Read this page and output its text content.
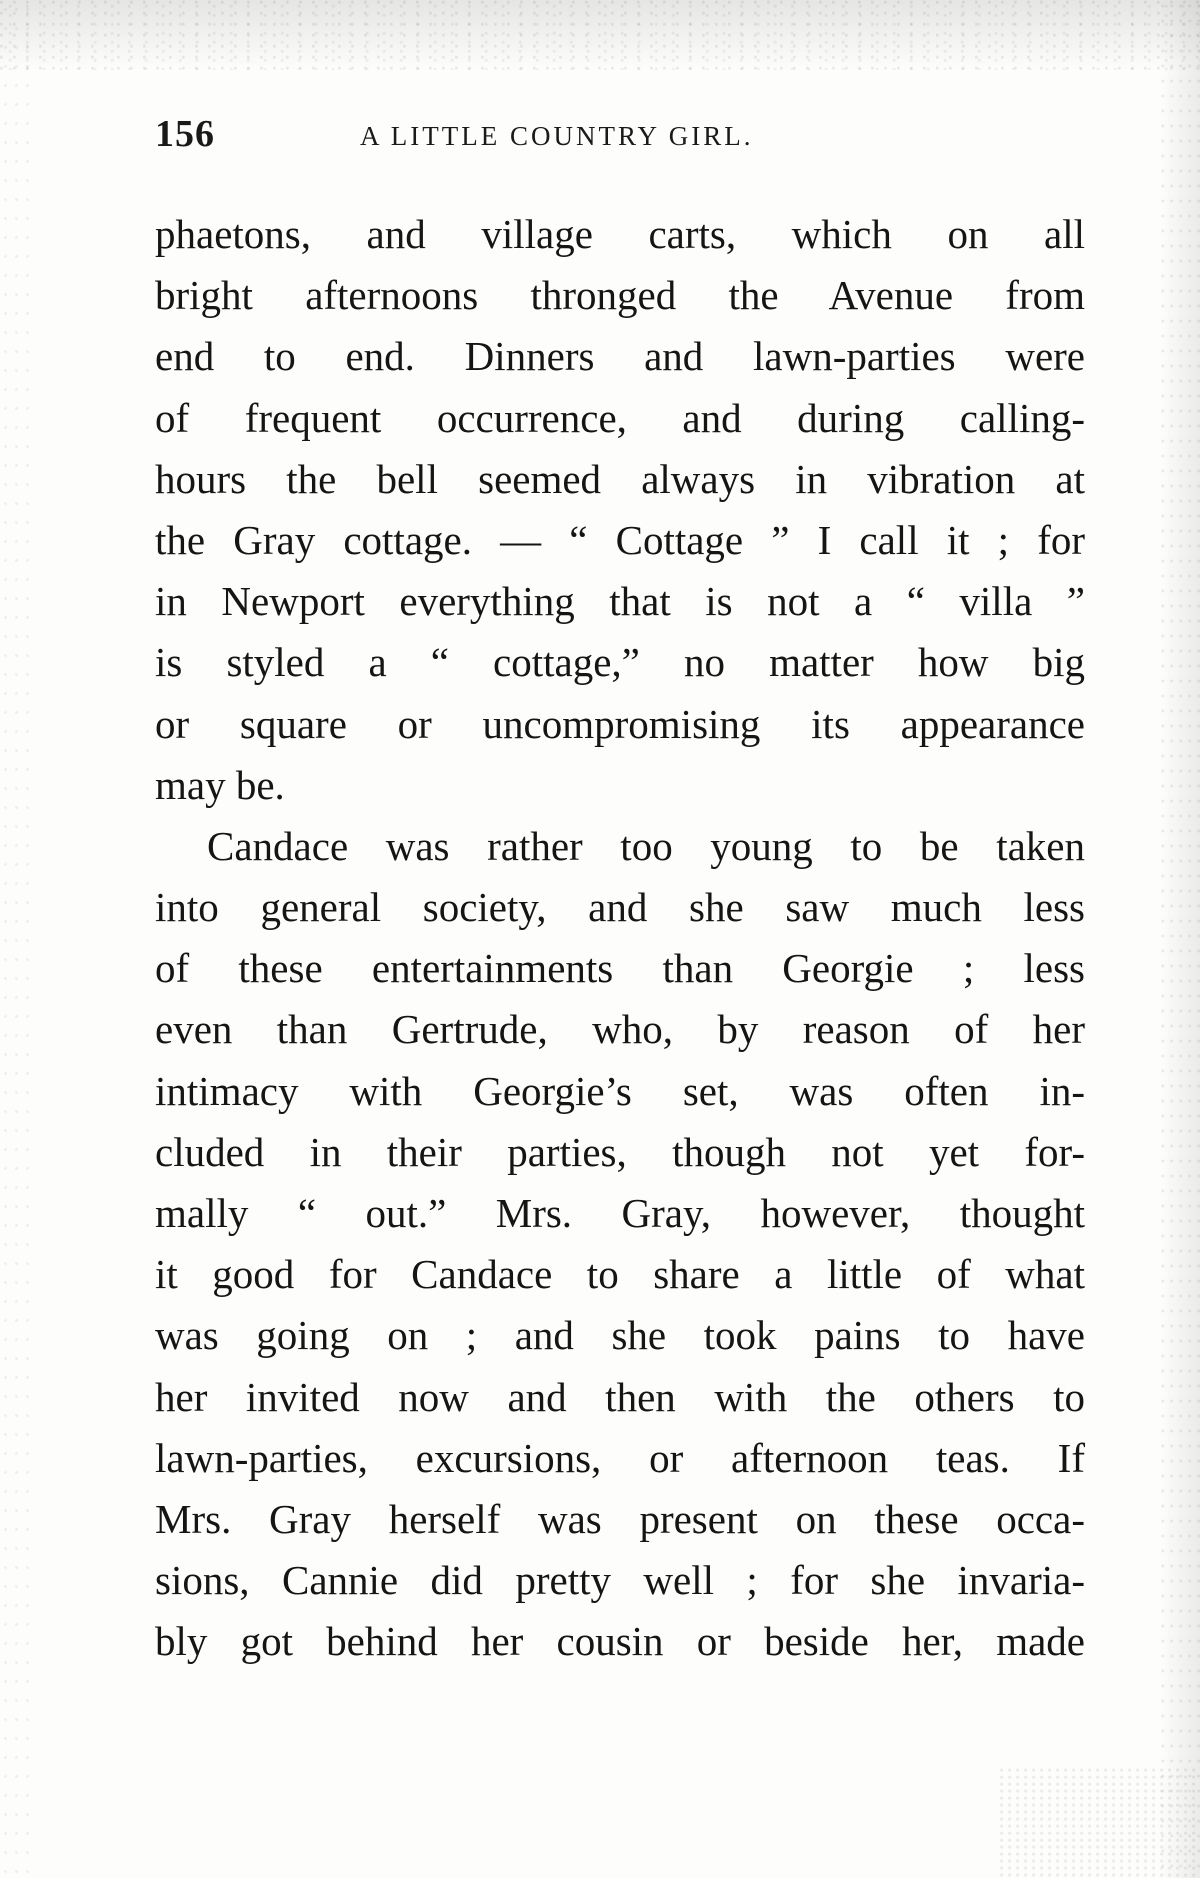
156	A LITTLE COUNTRY GIRL.
phaetons, and village carts, which on all
bright afternoons thronged the Avenue from
end to end. Dinners and lawn-parties were
of frequent occurrence, and during calling-
hours the bell seemed always in vibration at
the Gray cottage. — “ Cottage ” I call it ; for
in Newport everything that is not a “ villa ”
is styled a “ cottage,” no matter how big
or square or uncompromising its appearance
may be.
Candace was rather too young to be taken
into general society, and she saw much less
of these entertainments than Georgie ; less
even than Gertrude, who, by reason of her
intimacy with Georgie’s set, was often in-
cluded in their parties, though not yet for-
mally “ out.” Mrs. Gray, however, thought
it good for Candace to share a little of what
was going on ; and she took pains to have
her invited now and then with the others to
lawn-parties, excursions, or afternoon teas. If
Mrs. Gray herself was present on these occa-
sions, Cannie did pretty well ; for she invaria-
bly got behind her cousin or beside her, made
